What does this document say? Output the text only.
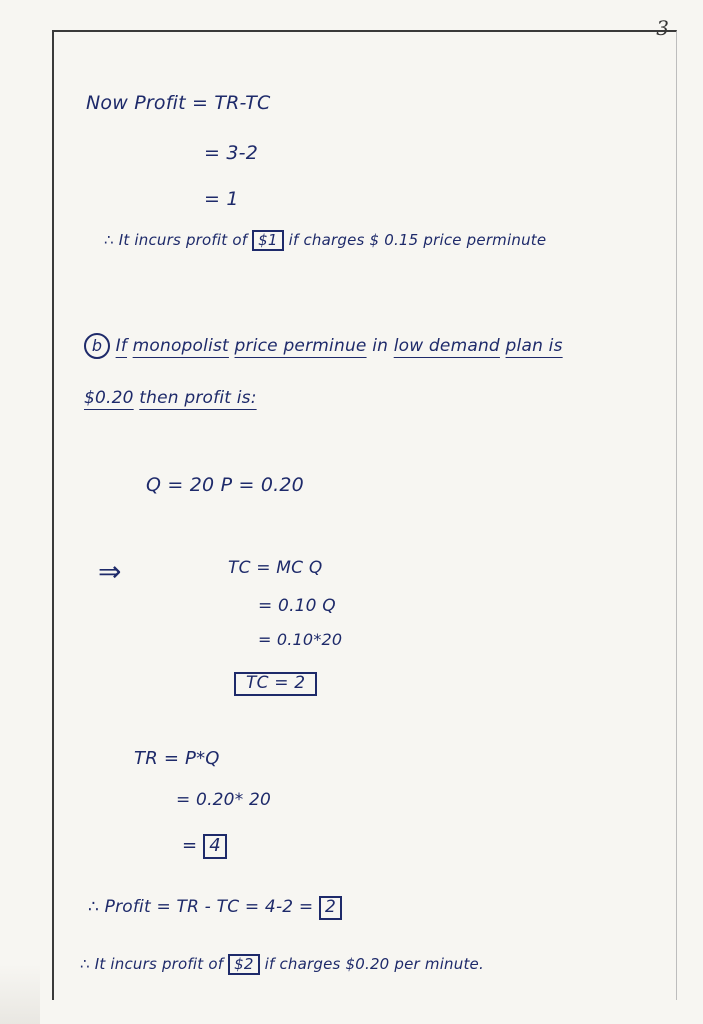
3
Now Profit = TR-TC
= 3-2
= 1
∴ It incurs profit of $1 if charges $ 0.15 price perminute
b If monopolist price perminue in low demand plan is
$0.20 then profit is:
Q = 20 P = 0.20
⇒	TC = MC Q
= 0.10 Q
= 0.10*20
TC = 2
TR = P*Q
= 0.20* 20
= 4
∴ Profit = TR - TC = 4-2 = 2
∴ It incurs profit of $2 if charges $0.20 per minute.
